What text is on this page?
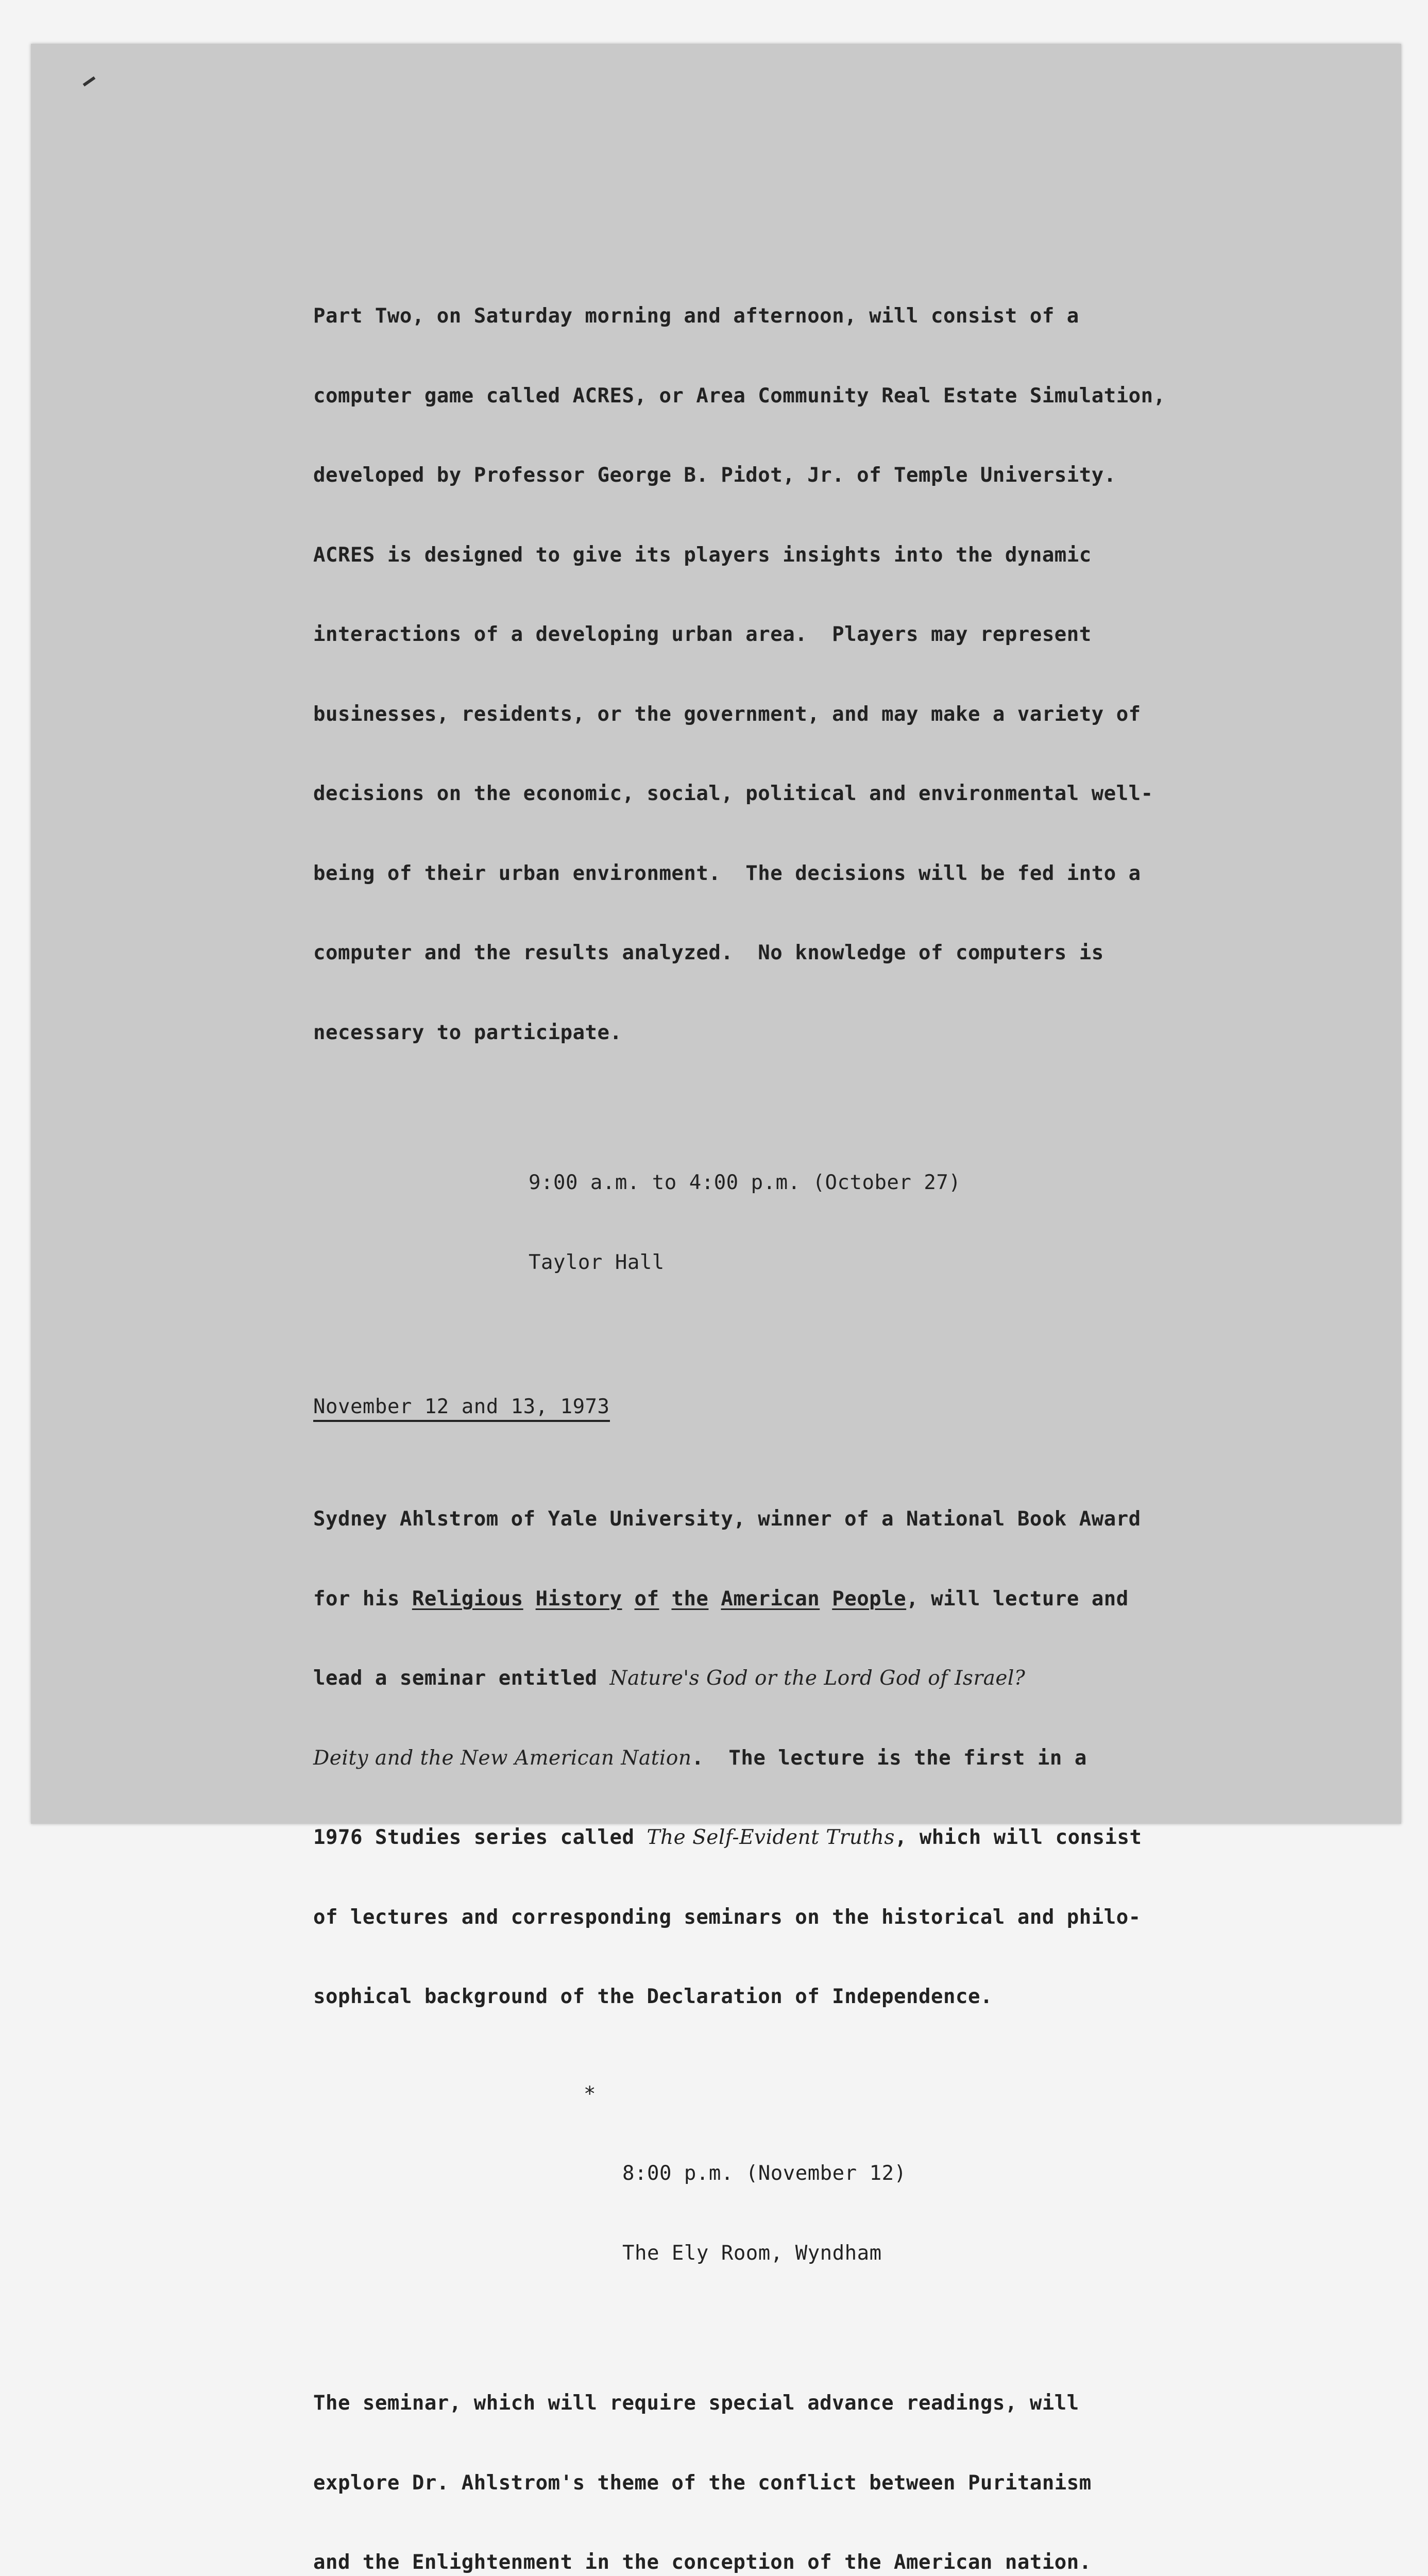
Part Two, on Saturday morning and afternoon, will consist of a

computer game called ACRES, or Area Community Real Estate Simulation,

developed by Professor George B. Pidot, Jr. of Temple University.

ACRES is designed to give its players insights into the dynamic

interactions of a developing urban area.  Players may represent

businesses, residents, or the government, and may make a variety of

decisions on the economic, social, political and environmental well-

being of their urban environment.  The decisions will be fed into a

computer and the results analyzed.  No knowledge of computers is

necessary to participate.

9:00 a.m. to 4:00 p.m. (October 27)

Taylor Hall

November 12 and 13, 1973

Sydney Ahlstrom of Yale University, winner of a National Book Award

for his Religious History of the American People, will lecture and

lead a seminar entitled Nature's God or the Lord God of Israel?

Deity and the New American Nation.  The lecture is the first in a

1976 Studies series called The Self-Evident Truths, which will consist

of lectures and corresponding seminars on the historical and philo-

sophical background of the Declaration of Independence.

*

8:00 p.m. (November 12)

The Ely Room, Wyndham

The seminar, which will require special advance readings, will

explore Dr. Ahlstrom's theme of the conflict between Puritanism

and the Enlightenment in the conception of the American nation.
